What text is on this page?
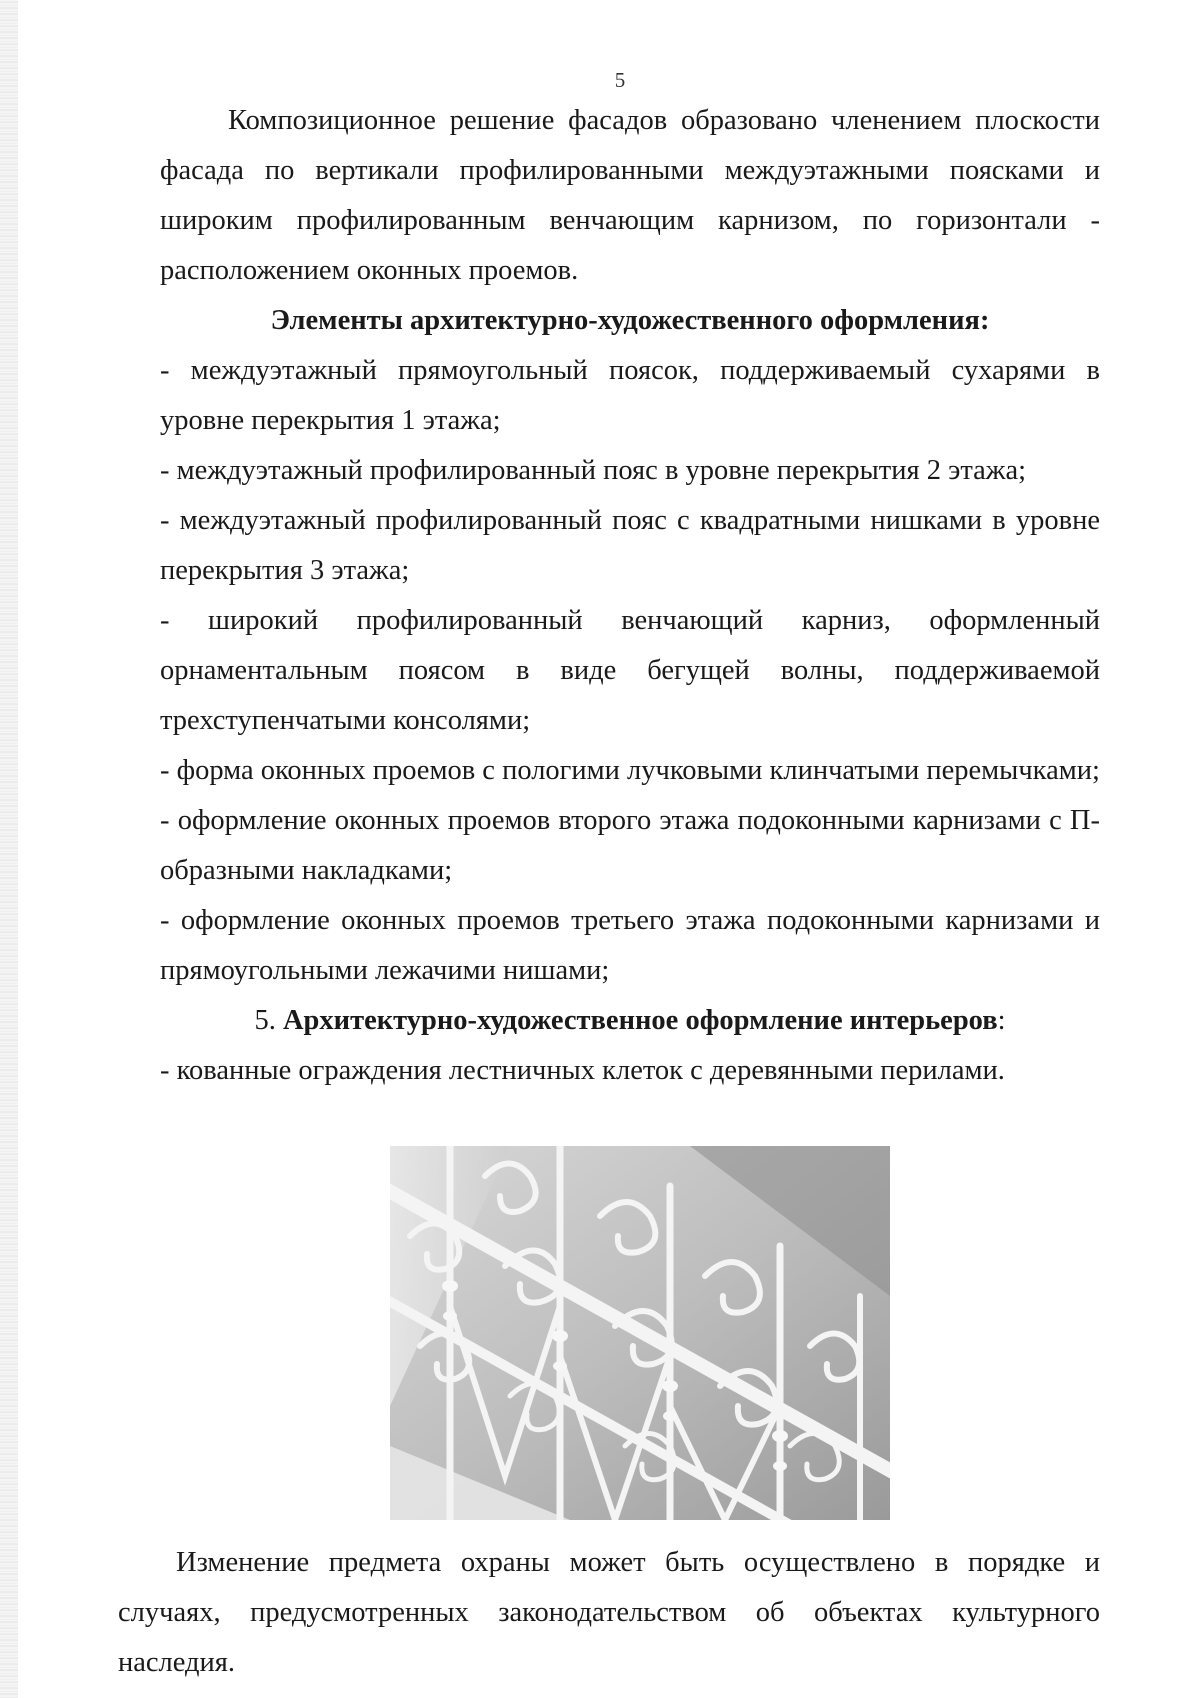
5

Композиционное решение фасадов образовано членением плоскости фасада по вертикали профилированными междуэтажными поясками и широким профилированным венчающим карнизом, по горизонтали - расположением оконных проемов.

Элементы архитектурно-художественного оформления:

- междуэтажный прямоугольный поясок, поддерживаемый сухарями в уровне перекрытия 1 этажа;

- междуэтажный профилированный пояс в уровне перекрытия 2 этажа;

- междуэтажный профилированный пояс с квадратными нишками в уровне перекрытия 3 этажа;

- широкий профилированный венчающий карниз, оформленный орнаментальным поясом в виде бегущей волны, поддерживаемой трехступенчатыми консолями;

- форма оконных проемов с пологими лучковыми клинчатыми перемычками;

- оформление оконных проемов второго этажа подоконными карнизами с П-образными накладками;

- оформление оконных проемов третьего этажа подоконными карнизами и прямоугольными лежачими нишами;

5. Архитектурно-художественное оформление интерьеров:

- кованные ограждения лестничных клеток с деревянными перилами.

Изменение предмета охраны может быть осуществлено в порядке и случаях, предусмотренных законодательством об объектах культурного наследия.
